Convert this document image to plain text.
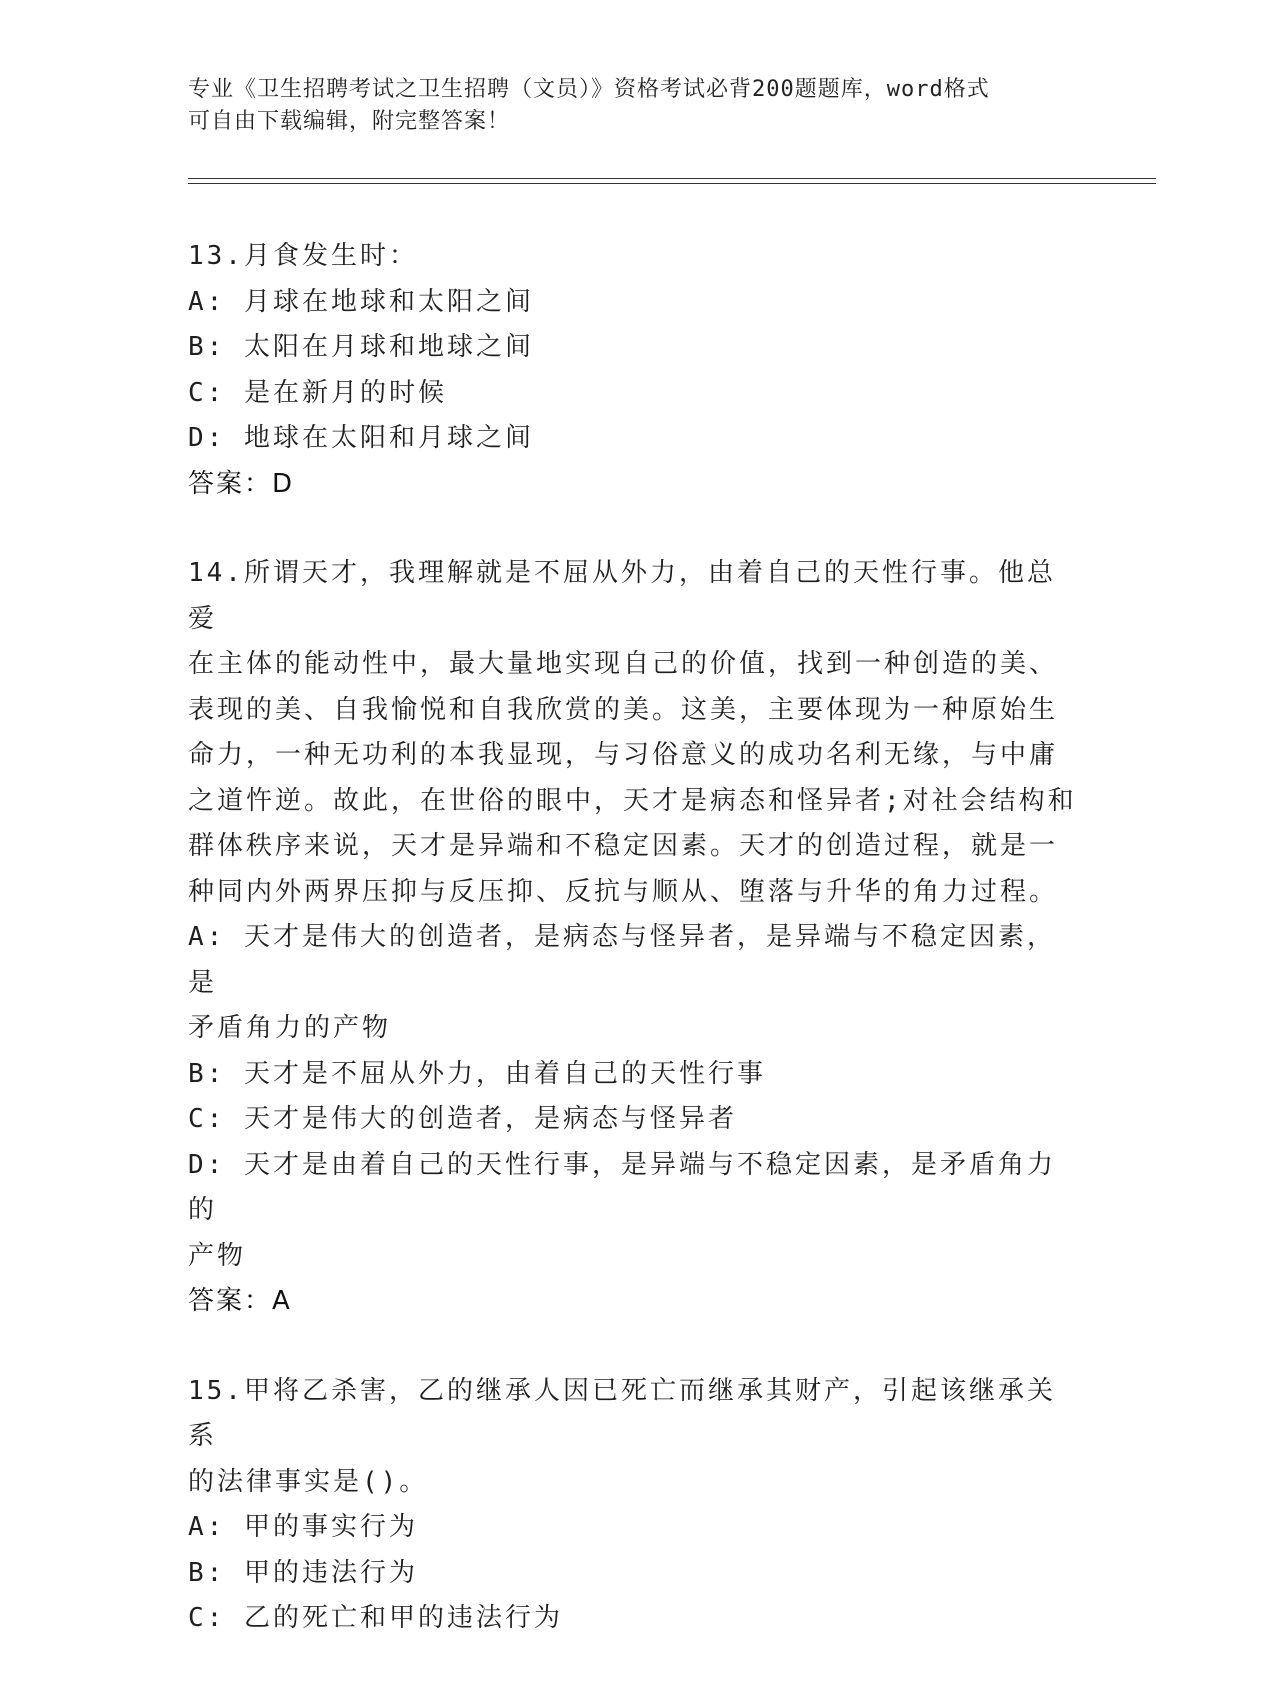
专业《卫生招聘考试之卫生招聘（文员）》资格考试必背200题题库，word格式
可自由下载编辑，附完整答案！
13.月食发生时：
A: 月球在地球和太阳之间
B: 太阳在月球和地球之间
C: 是在新月的时候
D: 地球在太阳和月球之间
答案：D
14.所谓天才，我理解就是不屈从外力，由着自己的天性行事。他总爱
在主体的能动性中，最大量地实现自己的价值，找到一种创造的美、
表现的美、自我愉悦和自我欣赏的美。这美，主要体现为一种原始生
命力，一种无功利的本我显现，与习俗意义的成功名利无缘，与中庸
之道忤逆。故此，在世俗的眼中，天才是病态和怪异者;对社会结构和
群体秩序来说，天才是异端和不稳定因素。天才的创造过程，就是一
种同内外两界压抑与反压抑、反抗与顺从、堕落与升华的角力过程。
A: 天才是伟大的创造者，是病态与怪异者，是异端与不稳定因素，是
矛盾角力的产物
B: 天才是不屈从外力，由着自己的天性行事
C: 天才是伟大的创造者，是病态与怪异者
D: 天才是由着自己的天性行事，是异端与不稳定因素，是矛盾角力的
产物
答案：A
15.甲将乙杀害，乙的继承人因已死亡而继承其财产，引起该继承关系
的法律事实是()。
A: 甲的事实行为
B: 甲的违法行为
C: 乙的死亡和甲的违法行为
